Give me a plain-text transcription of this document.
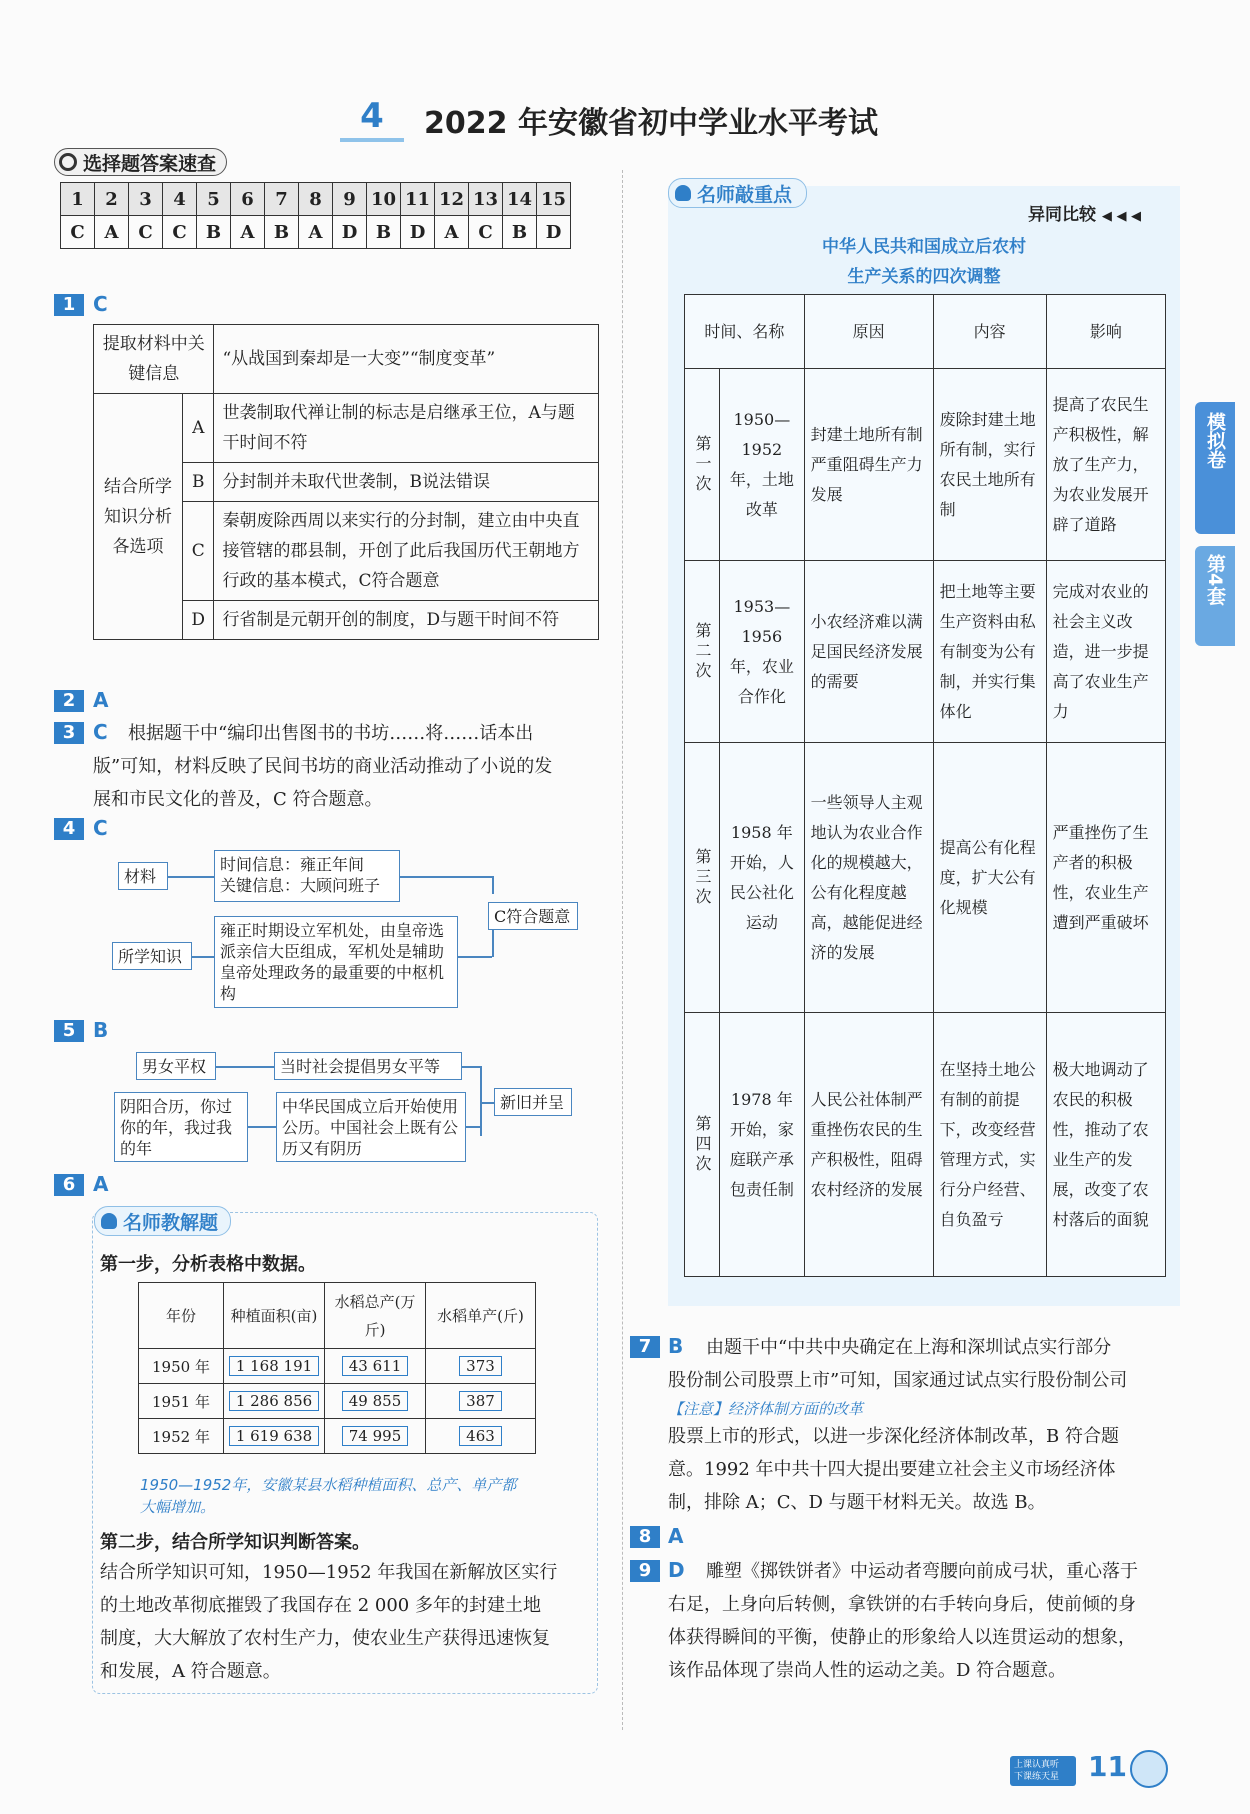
4	2022 年安徽省初中学业水平考试
选择题答案速查
1	2	3	4	5	6	7	8	9	10	11	12	13	14	15
C	A	C	C	B	A	B	A	D	B	D	A	C	B	D
1 C
提取材料中关键信息		“从战国到秦却是一大变”“制度变革”
结合所学知识分析各选项	A	世袭制取代禅让制的标志是启继承王位，A与题干时间不符
	B	分封制并未取代世袭制，B说法错误
	C	秦朝废除西周以来实行的分封制，建立由中央直接管辖的郡县制，开创了此后我国历代王朝地方行政的基本模式，C符合题意
	D	行省制是元朝开创的制度，D与题干时间不符
2 A
3 C 根据题干中“编印出售图书的书坊……将……话本出
版”可知，材料反映了民间书坊的商业活动推动了小说的发
展和市民文化的普及，C 符合题意。
4 C
材料
时间信息：雍正年间
关键信息：大顾问班子
所学知识
雍正时期设立军机处，由皇帝选派亲信大臣组成，军机处是辅助皇帝处理政务的最重要的中枢机构
C符合题意
5 B
男女平权	当时社会提倡男女平等
阴阳合历，你过你的年，我过我的年
中华民国成立后开始使用公历。中国社会上既有公历又有阴历
新旧并呈
6 A
名师教解题
第一步，分析表格中数据。
年份	种植面积(亩)	水稻总产(万斤)	水稻单产(斤)
1950 年	1 168 191	43 611	373
1951 年	1 286 856	49 855	387
1952 年	1 619 638	74 995	463
1950—1952年，安徽某县水稻种植面积、总产、单产都
大幅增加。
第二步，结合所学知识判断答案。
结合所学知识可知，1950—1952 年我国在新解放区实行
的土地改革彻底摧毁了我国存在 2 000 多年的封建土地
制度，大大解放了农村生产力，使农业生产获得迅速恢复
和发展，A 符合题意。
名师敲重点
异同比较 ◀ ◀ ◀
中华人民共和国成立后农村
生产关系的四次调整
时间、名称		原因	内容	影响
第一次	1950—1952 年，土地改革	封建土地所有制严重阻碍生产力发展	废除封建土地所有制，实行农民土地所有制	提高了农民生产积极性，解放了生产力，为农业发展开辟了道路
第二次	1953—1956 年，农业合作化	小农经济难以满足国民经济发展的需要	把土地等主要生产资料由私有制变为公有制，并实行集体化	完成对农业的社会主义改造，进一步提高了农业生产力
第三次	1958 年开始，人民公社化运动	一些领导人主观地认为农业合作化的规模越大，公有化程度越高，越能促进经济的发展	提高公有化程度，扩大公有化规模	严重挫伤了生产者的积极性，农业生产遭到严重破坏
第四次	1978 年开始，家庭联产承包责任制	人民公社体制严重挫伤农民的生产积极性，阻碍农村经济的发展	在坚持土地公有制的前提下，改变经营管理方式，实行分户经营、自负盈亏	极大地调动了农民的积极性，推动了农业生产的发展，改变了农村落后的面貌
7 B 由题干中“中共中央确定在上海和深圳试点实行部分
股份制公司股票上市”可知，国家通过试点实行股份制公司
【注意】经济体制方面的改革
股票上市的形式，以进一步深化经济体制改革，B 符合题
意。1992 年中共十四大提出要建立社会主义市场经济体
制，排除 A；C、D 与题干材料无关。故选 B。
8 A
9 D 雕塑《掷铁饼者》中运动者弯腰向前成弓状，重心落于
右足，上身向后转侧，拿铁饼的右手转向身后，使前倾的身
体获得瞬间的平衡，使静止的形象给人以连贯运动的想象，
该作品体现了崇尚人性的运动之美。D 符合题意。
模拟卷
第4套
上课认真听
下课练天星	11
